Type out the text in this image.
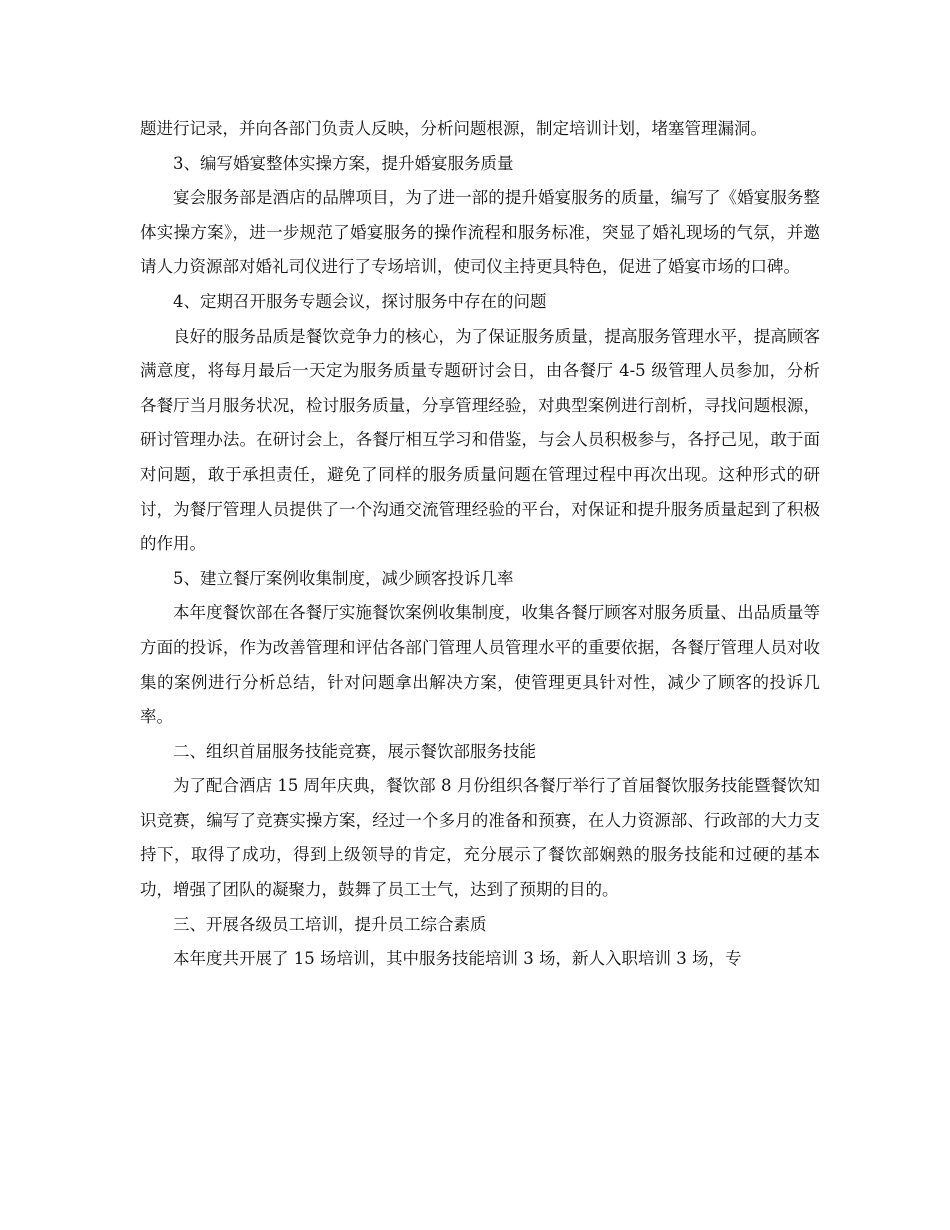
题进行记录，并向各部门负责人反映，分析问题根源，制定培训计划，堵塞管理漏洞。

3、编写婚宴整体实操方案，提升婚宴服务质量

宴会服务部是酒店的品牌项目，为了进一部的提升婚宴服务的质量，编写了《婚宴服务整体实操方案》，进一步规范了婚宴服务的操作流程和服务标准，突显了婚礼现场的气氛，并邀请人力资源部对婚礼司仪进行了专场培训，使司仪主持更具特色，促进了婚宴市场的口碑。

4、定期召开服务专题会议，探讨服务中存在的问题

良好的服务品质是餐饮竞争力的核心，为了保证服务质量，提高服务管理水平，提高顾客满意度，将每月最后一天定为服务质量专题研讨会日，由各餐厅 4-5 级管理人员参加，分析各餐厅当月服务状况，检讨服务质量，分享管理经验，对典型案例进行剖析，寻找问题根源，研讨管理办法。在研讨会上，各餐厅相互学习和借鉴，与会人员积极参与，各抒己见，敢于面对问题，敢于承担责任，避免了同样的服务质量问题在管理过程中再次出现。这种形式的研讨，为餐厅管理人员提供了一个沟通交流管理经验的平台，对保证和提升服务质量起到了积极的作用。

5、建立餐厅案例收集制度，减少顾客投诉几率

本年度餐饮部在各餐厅实施餐饮案例收集制度，收集各餐厅顾客对服务质量、出品质量等方面的投诉，作为改善管理和评估各部门管理人员管理水平的重要依据，各餐厅管理人员对收集的案例进行分析总结，针对问题拿出解决方案，使管理更具针对性，减少了顾客的投诉几率。

二、组织首届服务技能竞赛，展示餐饮部服务技能

为了配合酒店 15 周年庆典，餐饮部 8 月份组织各餐厅举行了首届餐饮服务技能暨餐饮知识竞赛，编写了竞赛实操方案，经过一个多月的准备和预赛，在人力资源部、行政部的大力支持下，取得了成功，得到上级领导的肯定，充分展示了餐饮部娴熟的服务技能和过硬的基本功，增强了团队的凝聚力，鼓舞了员工士气，达到了预期的目的。

三、开展各级员工培训，提升员工综合素质

本年度共开展了 15 场培训，其中服务技能培训 3 场，新人入职培训 3 场，专
